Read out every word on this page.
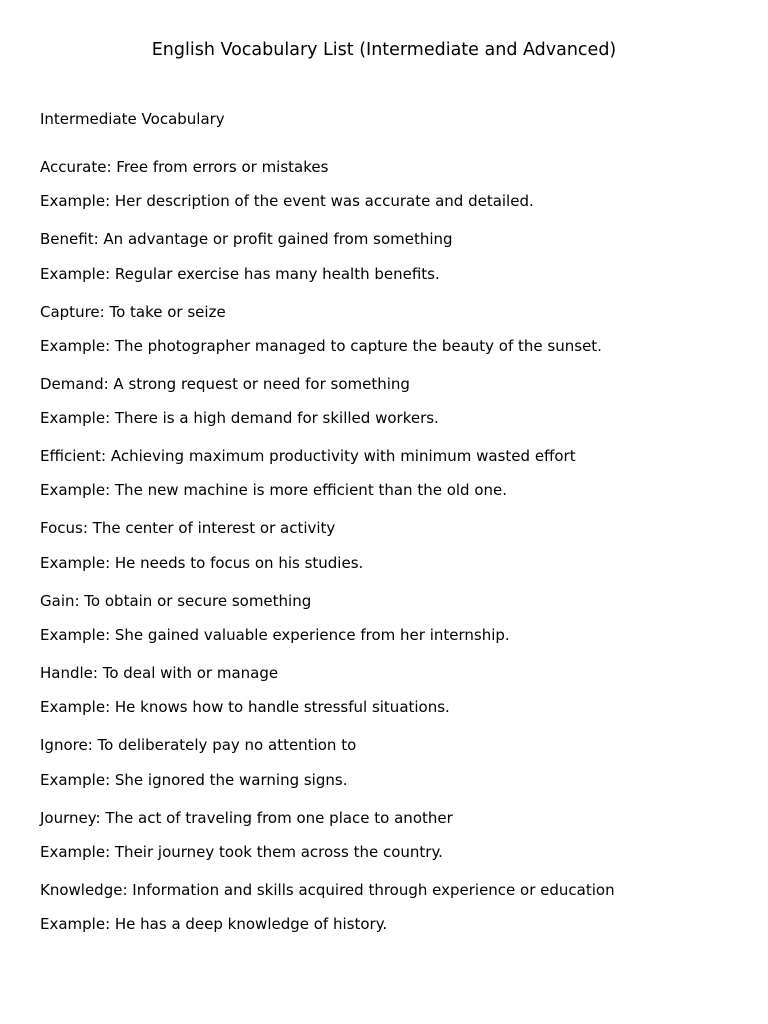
English Vocabulary List (Intermediate and Advanced)
Intermediate Vocabulary
Accurate: Free from errors or mistakes
Example: Her description of the event was accurate and detailed.
Benefit: An advantage or profit gained from something
Example: Regular exercise has many health benefits.
Capture: To take or seize
Example: The photographer managed to capture the beauty of the sunset.
Demand: A strong request or need for something
Example: There is a high demand for skilled workers.
Efficient: Achieving maximum productivity with minimum wasted effort
Example: The new machine is more efficient than the old one.
Focus: The center of interest or activity
Example: He needs to focus on his studies.
Gain: To obtain or secure something
Example: She gained valuable experience from her internship.
Handle: To deal with or manage
Example: He knows how to handle stressful situations.
Ignore: To deliberately pay no attention to
Example: She ignored the warning signs.
Journey: The act of traveling from one place to another
Example: Their journey took them across the country.
Knowledge: Information and skills acquired through experience or education
Example: He has a deep knowledge of history.
